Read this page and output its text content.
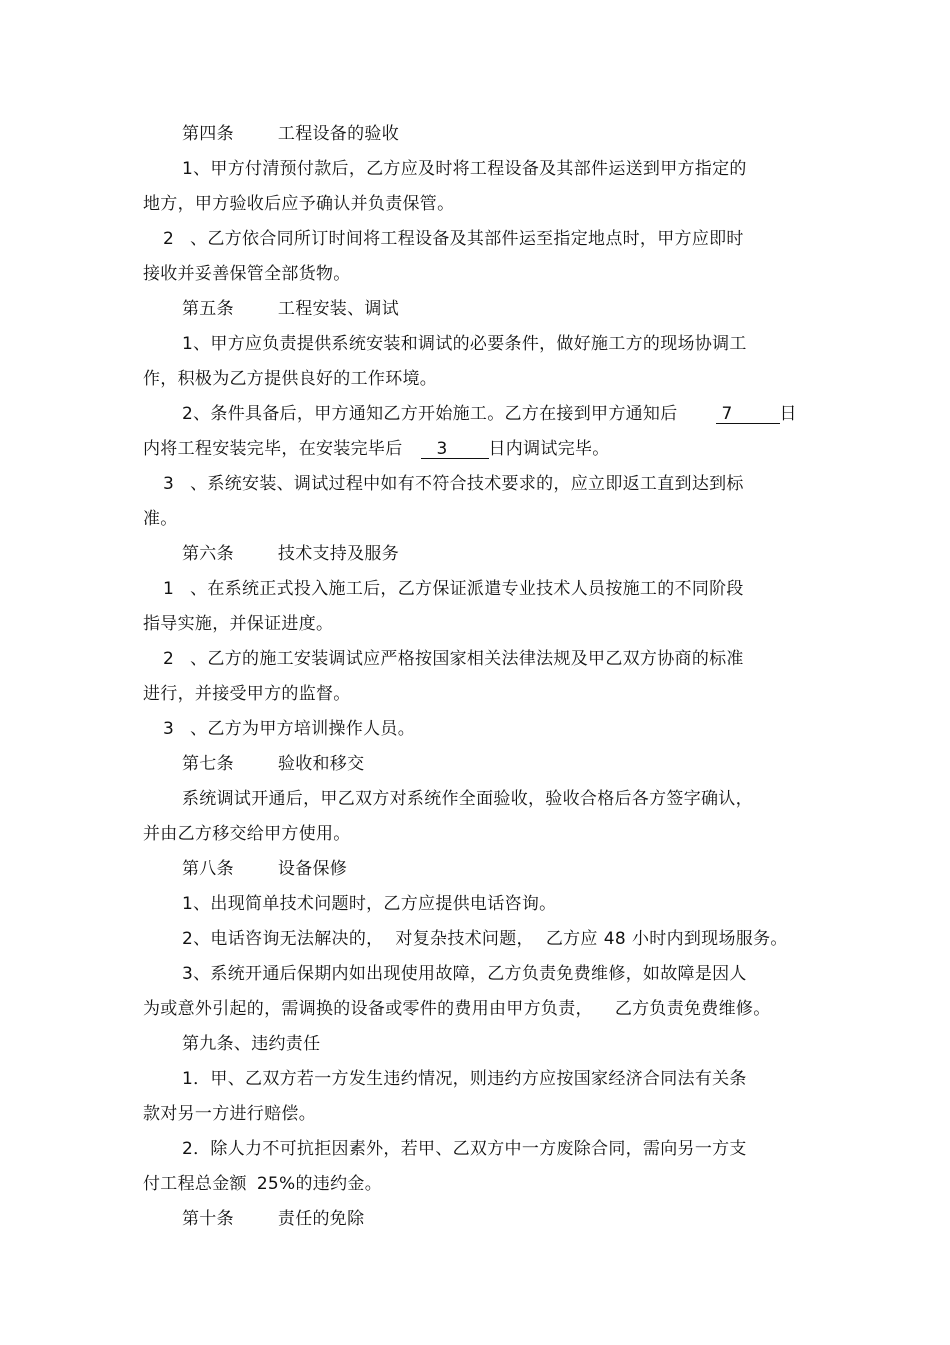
第四条	工程设备的验收
1、甲方付清预付款后，乙方应及时将工程设备及其部件运送到甲方指定的
地方，甲方验收后应予确认并负责保管。
2 、乙方依合同所订时间将工程设备及其部件运至指定地点时，甲方应即时
接收并妥善保管全部货物。
第五条	工程安装、调试
1、甲方应负责提供系统安装和调试的必要条件，做好施工方的现场协调工
作，积极为乙方提供良好的工作环境。
2、条件具备后，甲方通知乙方开始施工。乙方在接到甲方通知后	7	日
内将工程安装完毕，在安装完毕后 3 日内调试完毕。
3 、系统安装、调试过程中如有不符合技术要求的，应立即返工直到达到标
准。
第六条	技术支持及服务
1 、在系统正式投入施工后，乙方保证派遣专业技术人员按施工的不同阶段
指导实施，并保证进度。
2 、乙方的施工安装调试应严格按国家相关法律法规及甲乙双方协商的标准
进行，并接受甲方的监督。
3 、乙方为甲方培训操作人员。
第七条	验收和移交
系统调试开通后，甲乙双方对系统作全面验收，验收合格后各方签字确认，
并由乙方移交给甲方使用。
第八条	设备保修
1、出现简单技术问题时，乙方应提供电话咨询。
2、电话咨询无法解决的， 对复杂技术问题， 乙方应 48 小时内到现场服务。
3、系统开通后保期内如出现使用故障，乙方负责免费维修，如故障是因人
为或意外引起的，需调换的设备或零件的费用由甲方负责， 乙方负责免费维修。
第九条、违约责任
1．甲、乙双方若一方发生违约情况，则违约方应按国家经济合同法有关条
款对另一方进行赔偿。
2．除人力不可抗拒因素外，若甲、乙双方中一方废除合同，需向另一方支
付工程总金额 25%的违约金。
第十条	责任的免除
